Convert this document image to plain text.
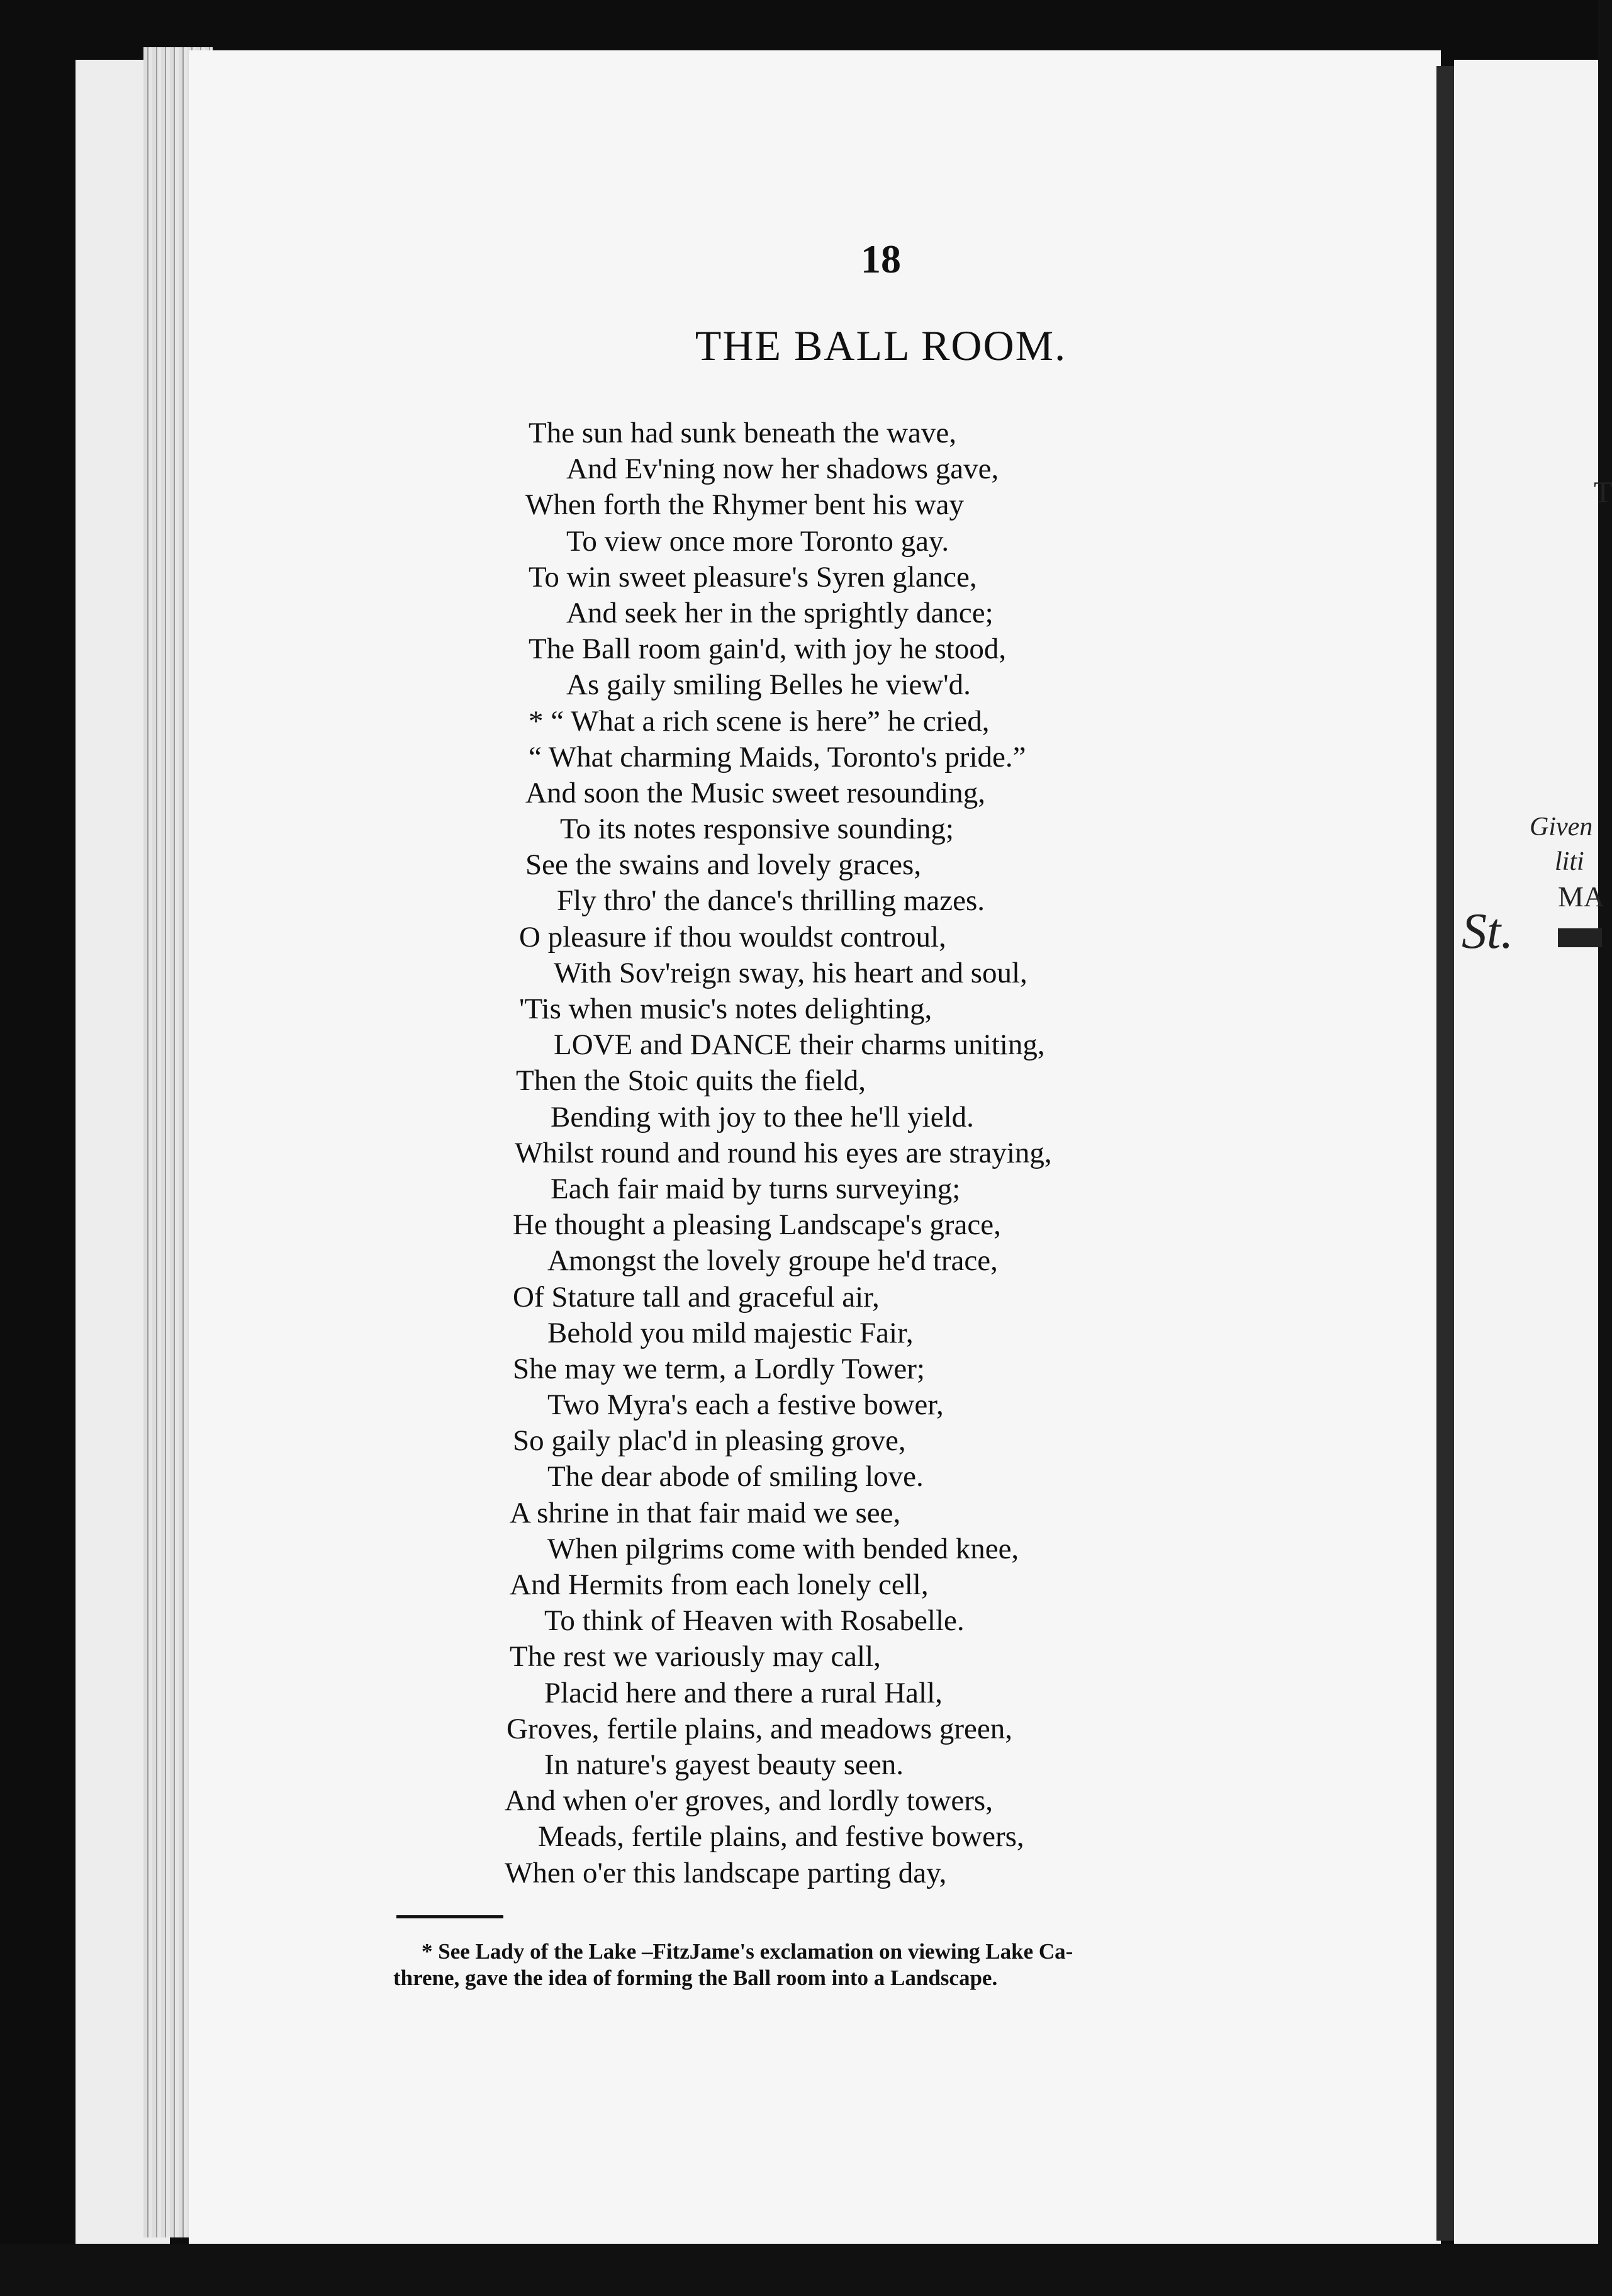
18
THE BALL ROOM.
The sun had sunk beneath the wave,
And Ev'ning now her shadows gave,
When forth the Rhymer bent his way
To view once more Toronto gay.
To win sweet pleasure's Syren glance,
And seek her in the sprightly dance;
The Ball room gain'd, with joy he stood,
As gaily smiling Belles he view'd.
* “ What a rich scene is here” he cried,
“ What charming Maids, Toronto's pride.”
And soon the Music sweet resounding,
To its notes responsive sounding;
See the swains and lovely graces,
Fly thro' the dance's thrilling mazes.
O pleasure if thou wouldst controul,
With Sov'reign sway, his heart and soul,
'Tis when music's notes delighting,
LOVE and DANCE their charms uniting,
Then the Stoic quits the field,
Bending with joy to thee he'll yield.
Whilst round and round his eyes are straying,
Each fair maid by turns surveying;
He thought a pleasing Landscape's grace,
Amongst the lovely groupe he'd trace,
Of Stature tall and graceful air,
Behold you mild majestic Fair,
She may we term, a Lordly Tower;
Two Myra's each a festive bower,
So gaily plac'd in pleasing grove,
The dear abode of smiling love.
A shrine in that fair maid we see,
When pilgrims come with bended knee,
And Hermits from each lonely cell,
To think of Heaven with Rosabelle.
The rest we variously may call,
Placid here and there a rural Hall,
Groves, fertile plains, and meadows green,
In nature's gayest beauty seen.
And when o'er groves, and lordly towers,
Meads, fertile plains, and festive bowers,
When o'er this landscape parting day,
* See Lady of the Lake –FitzJame's exclamation on viewing Lake Ca-
threne, gave the idea of forming the Ball room into a Landscape.
T
Given
liti
MA
St.
